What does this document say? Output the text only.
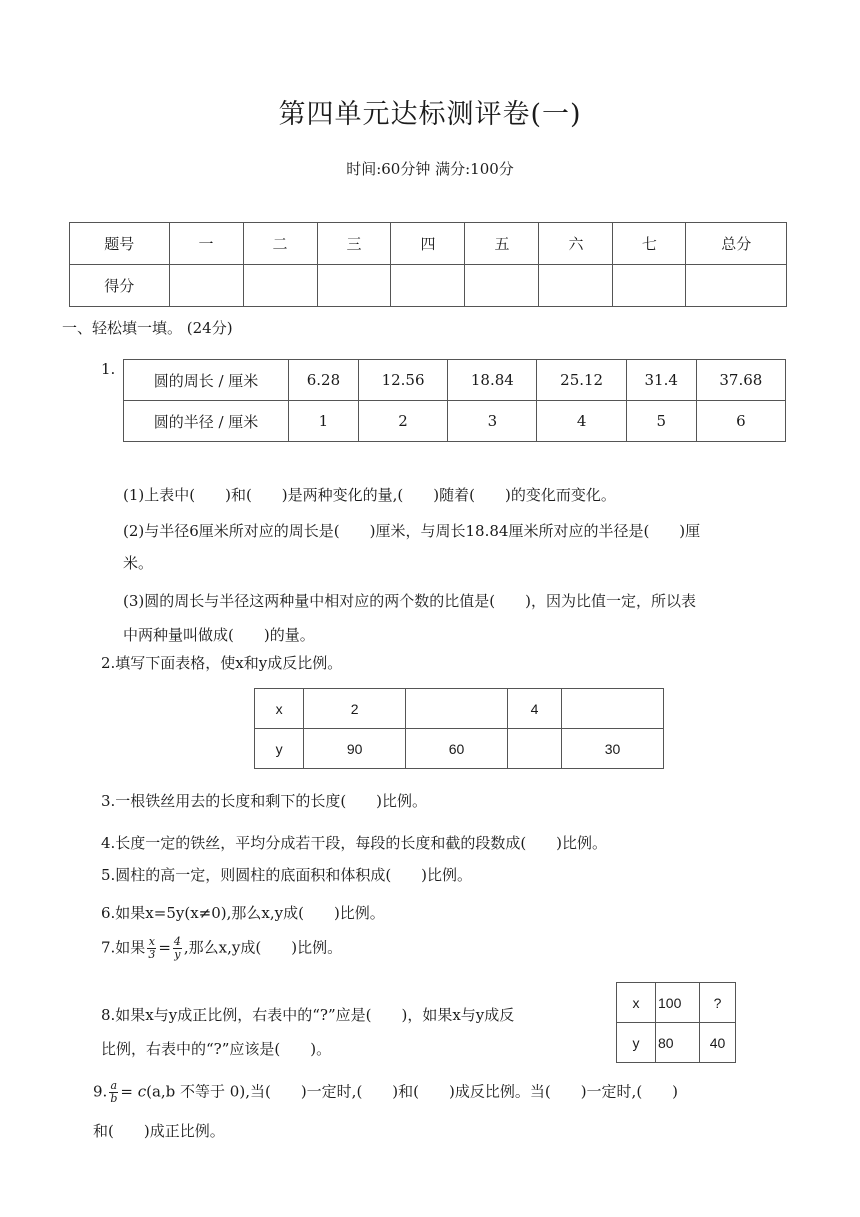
第四单元达标测评卷(一)
时间:60分钟 满分:100分
题号	一	二	三	四	五	六	七	总分
得分								
一、轻松填一填。 (24分)
1.
圆的周长 / 厘米	6.28	12.56	18.84	25.12	31.4	37.68
圆的半径 / 厘米	1	2	3	4	5	6
(1)上表中(　　)和(　　)是两种变化的量,(　　)随着(　　)的变化而变化。
(2)与半径6厘米所对应的周长是(　　)厘米，与周长18.84厘米所对应的半径是(　　)厘
米。
(3)圆的周长与半径这两种量中相对应的两个数的比值是(　　)，因为比值一定，所以表
中两种量叫做成(　　)的量。
2.填写下面表格，使x和y成反比例。
x	2		4	
y	90	60		30
3.一根铁丝用去的长度和剩下的长度(　　)比例。
4.长度一定的铁丝，平均分成若干段，每段的长度和截的段数成(　　)比例。
5.圆柱的高一定，则圆柱的底面积和体积成(　　)比例。
6.如果x=5y(x≠0),那么x,y成(　　)比例。
7.如果 $\frac{x}{3} = \frac{4}{y}$ ,那么x,y成(　　)比例。
8.如果x与y成正比例，右表中的“?”应是(　　)，如果x与y成反
比例，右表中的“?”应该是(　　)。
x	100	?
y	80	40
9. $\frac{a}{b} = c(a,b$ 不等于 0),当(　　)一定时,(　　)和(　　)成反比例。当(　　)一定时,(　　)
和(　　)成正比例。
